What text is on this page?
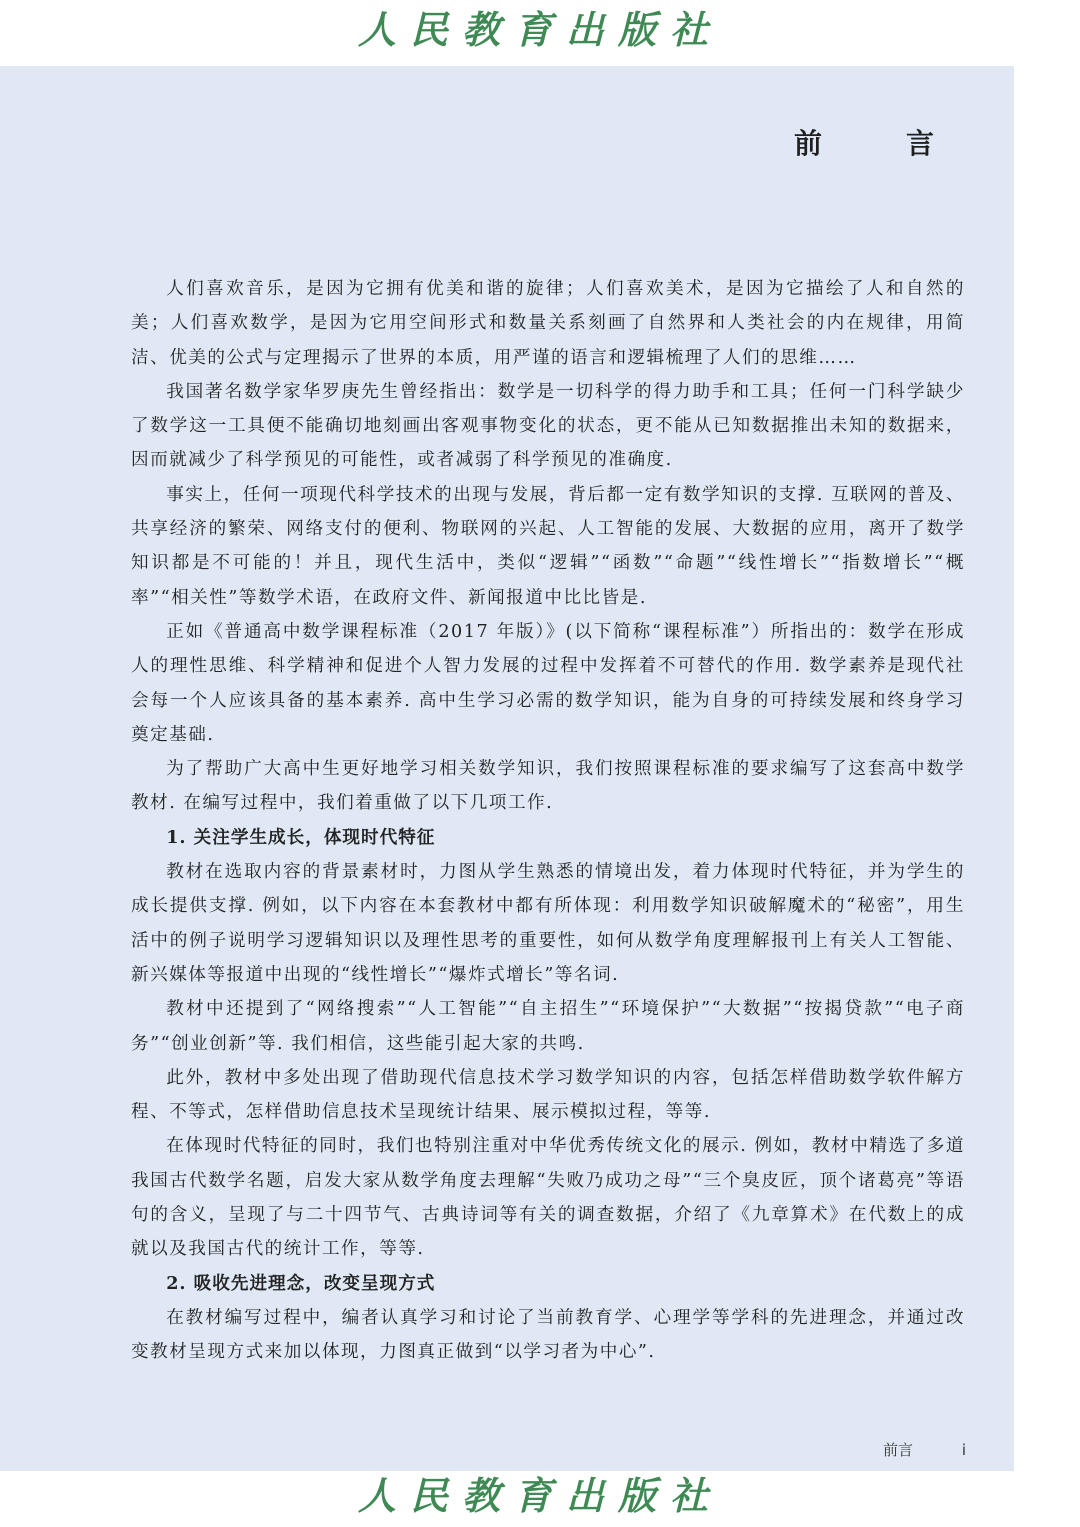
人民教育出版社
前　言

人们喜欢音乐，是因为它拥有优美和谐的旋律；人们喜欢美术，是因为它描绘了人和自然的美；人们喜欢数学，是因为它用空间形式和数量关系刻画了自然界和人类社会的内在规律，用简洁、优美的公式与定理揭示了世界的本质，用严谨的语言和逻辑梳理了人们的思维……

我国著名数学家华罗庚先生曾经指出：数学是一切科学的得力助手和工具；任何一门科学缺少了数学这一工具便不能确切地刻画出客观事物变化的状态，更不能从已知数据推出未知的数据来，因而就减少了科学预见的可能性，或者减弱了科学预见的准确度.

事实上，任何一项现代科学技术的出现与发展，背后都一定有数学知识的支撑. 互联网的普及、共享经济的繁荣、网络支付的便利、物联网的兴起、人工智能的发展、大数据的应用，离开了数学知识都是不可能的！并且，现代生活中，类似“逻辑”“函数”“命题”“线性增长”“指数增长”“概率”“相关性”等数学术语，在政府文件、新闻报道中比比皆是.

正如《普通高中数学课程标准（2017 年版）》(以下简称“课程标准”）所指出的：数学在形成人的理性思维、科学精神和促进个人智力发展的过程中发挥着不可替代的作用. 数学素养是现代社会每一个人应该具备的基本素养. 高中生学习必需的数学知识，能为自身的可持续发展和终身学习奠定基础.

为了帮助广大高中生更好地学习相关数学知识，我们按照课程标准的要求编写了这套高中数学教材. 在编写过程中，我们着重做了以下几项工作.

1. 关注学生成长，体现时代特征

教材在选取内容的背景素材时，力图从学生熟悉的情境出发，着力体现时代特征，并为学生的成长提供支撑. 例如，以下内容在本套教材中都有所体现：利用数学知识破解魔术的“秘密”，用生活中的例子说明学习逻辑知识以及理性思考的重要性，如何从数学角度理解报刊上有关人工智能、新兴媒体等报道中出现的“线性增长”“爆炸式增长”等名词.

教材中还提到了“网络搜索”“人工智能”“自主招生”“环境保护”“大数据”“按揭贷款”“电子商务”“创业创新”等. 我们相信，这些能引起大家的共鸣.

此外，教材中多处出现了借助现代信息技术学习数学知识的内容，包括怎样借助数学软件解方程、不等式，怎样借助信息技术呈现统计结果、展示模拟过程，等等.

在体现时代特征的同时，我们也特别注重对中华优秀传统文化的展示. 例如，教材中精选了多道我国古代数学名题，启发大家从数学角度去理解“失败乃成功之母”“三个臭皮匠，顶个诸葛亮”等语句的含义，呈现了与二十四节气、古典诗词等有关的调查数据，介绍了《九章算术》在代数上的成就以及我国古代的统计工作，等等.

2. 吸收先进理念，改变呈现方式

在教材编写过程中，编者认真学习和讨论了当前教育学、心理学等学科的先进理念，并通过改变教材呈现方式来加以体现，力图真正做到“以学习者为中心”.

前言	i
人民教育出版社
